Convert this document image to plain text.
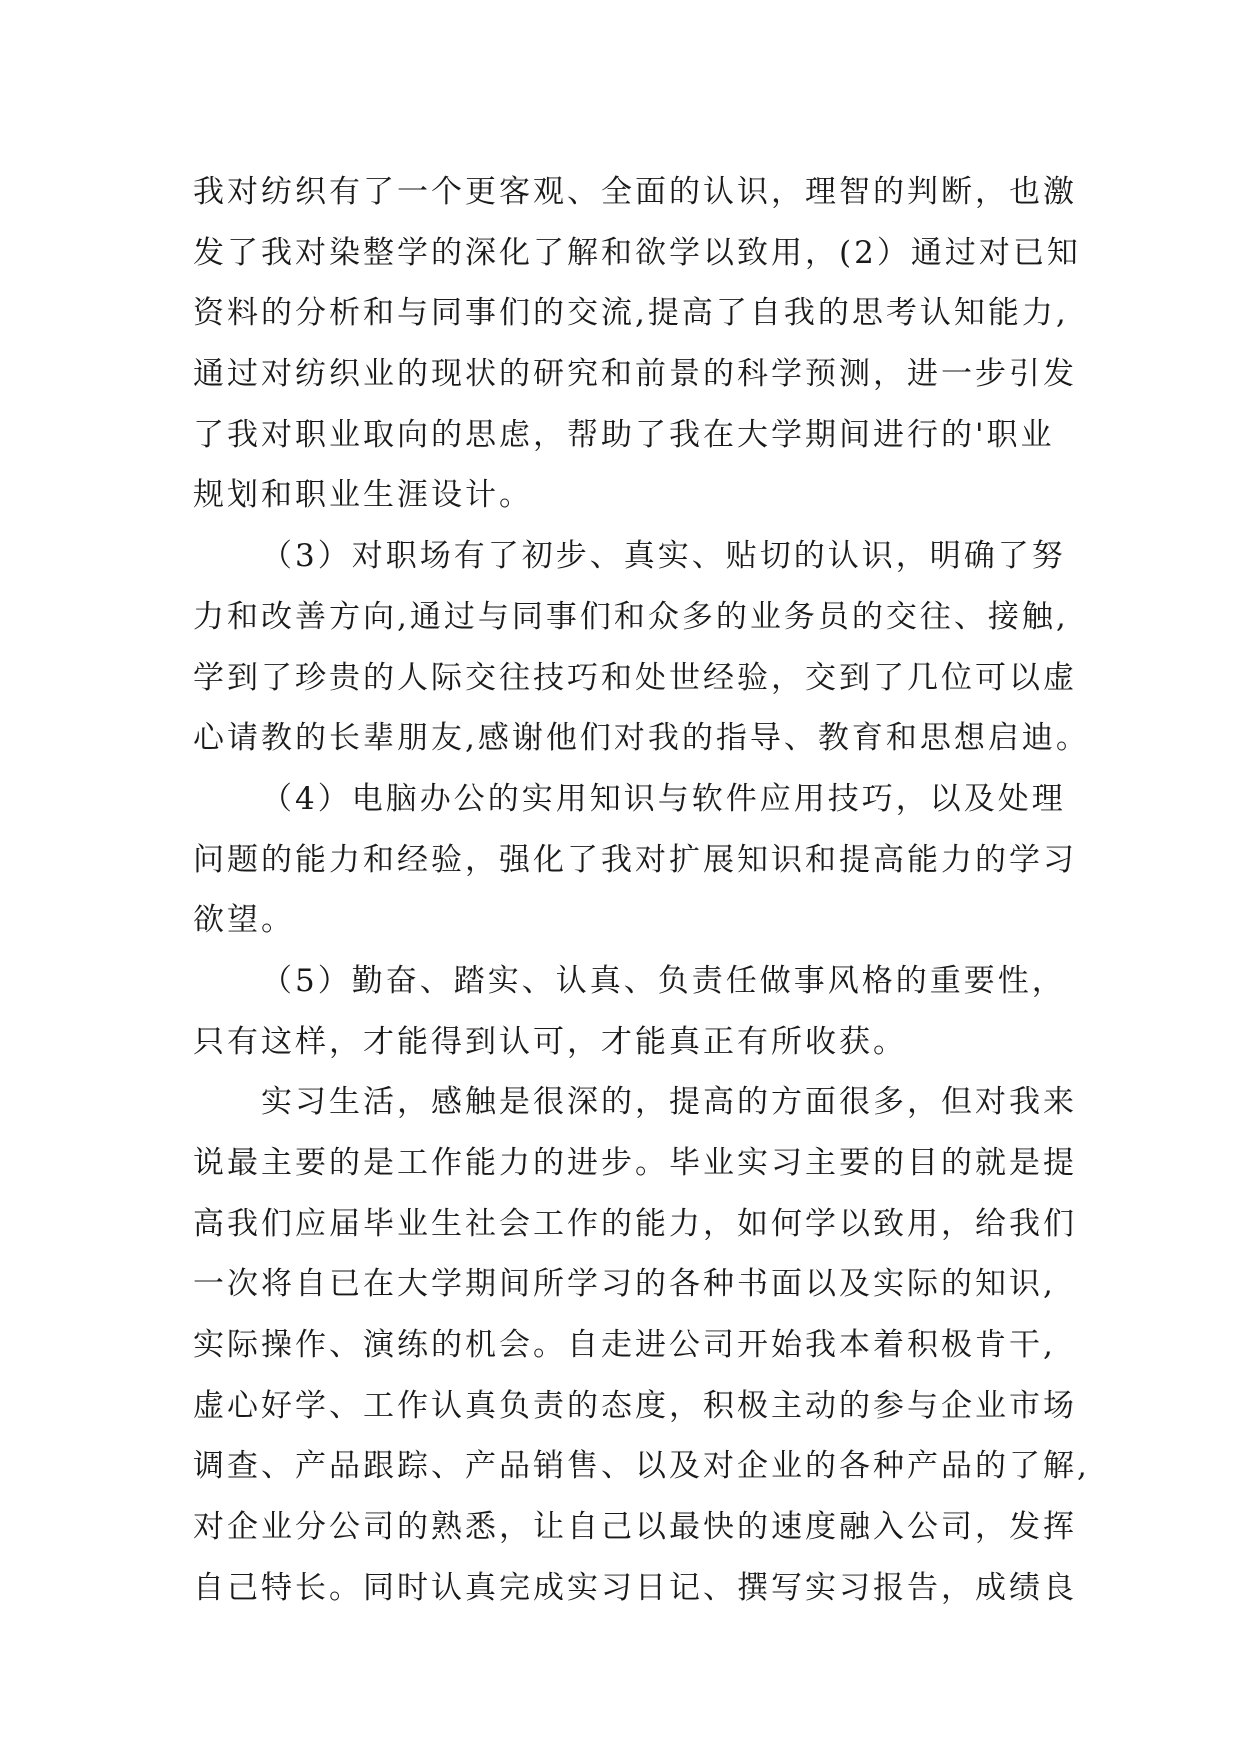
我对纺织有了一个更客观、全面的认识，理智的判断，也激
发了我对染整学的深化了解和欲学以致用，(2）通过对已知
资料的分析和与同事们的交流,提高了自我的思考认知能力,
通过对纺织业的现状的研究和前景的科学预测，进一步引发
了我对职业取向的思虑，帮助了我在大学期间进行的'职业
规划和职业生涯设计。
（3）对职场有了初步、真实、贴切的认识，明确了努
力和改善方向,通过与同事们和众多的业务员的交往、接触,
学到了珍贵的人际交往技巧和处世经验，交到了几位可以虚
心请教的长辈朋友,感谢他们对我的指导、教育和思想启迪。
（4）电脑办公的实用知识与软件应用技巧，以及处理
问题的能力和经验，强化了我对扩展知识和提高能力的学习
欲望。
（5）勤奋、踏实、认真、负责任做事风格的重要性，
只有这样，才能得到认可，才能真正有所收获。
实习生活，感触是很深的，提高的方面很多，但对我来
说最主要的是工作能力的进步。毕业实习主要的目的就是提
高我们应届毕业生社会工作的能力，如何学以致用，给我们
一次将自已在大学期间所学习的各种书面以及实际的知识,
实际操作、演练的机会。自走进公司开始我本着积极肯干,
虚心好学、工作认真负责的态度，积极主动的参与企业市场
调查、产品跟踪、产品销售、以及对企业的各种产品的了解,
对企业分公司的熟悉，让自己以最快的速度融入公司，发挥
自己特长。同时认真完成实习日记、撰写实习报告，成绩良
